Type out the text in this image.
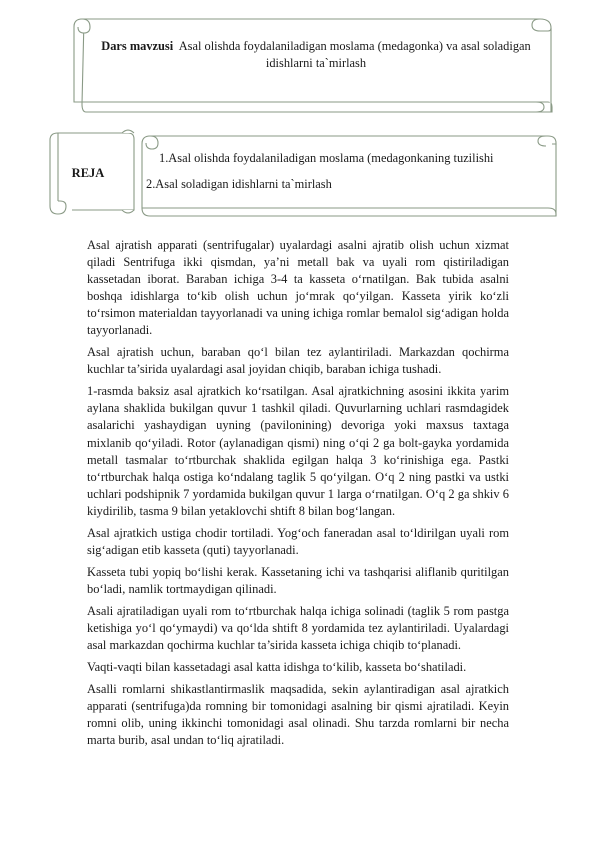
Dars mavzusi Asal olishda foydalaniladigan moslama (medagonka) va asal soladigan idishlarni ta`mirlash
REJA
1.Asal olishda foydalaniladigan moslama (medagonkaning tuzilishi
2.Asal soladigan idishlarni ta`mirlash

Asal ajratish apparati (sentrifugalar) uyalardagi asalni ajratib olish uchun xizmat qiladi Sentrifuga ikki qismdan, ya’ni metall bak va uyali rom qistiriladigan kassetadan iborat. Baraban ichiga 3-4 ta kasseta o‘rnatilgan. Bak tubida asalni boshqa idishlarga to‘kib olish uchun jo‘mrak qo‘yilgan. Kasseta yirik ko‘zli to‘rsimon materialdan tayyorlanadi va uning ichiga romlar bemalol sig‘adigan holda tayyorlanadi.

Asal ajratish uchun, baraban qo‘l bilan tez aylantiriladi. Markazdan qochirma kuchlar ta’sirida uyalardagi asal joyidan chiqib, baraban ichiga tushadi.

1-rasmda baksiz asal ajratkich ko‘rsatilgan. Asal ajratkichning asosini ikkita yarim aylana shaklida bukilgan quvur 1 tashkil qiladi. Quvurlarning uchlari rasmdagidek asalarichi yashaydigan uyning (pavilonining) devoriga yoki maxsus taxtaga mixlanib qo‘yiladi. Rotor (aylanadigan qismi) ning o‘qi 2 ga bolt-gayka yordamida metall tasmalar to‘rtburchak shaklida egilgan halqa 3 ko‘rinishiga ega. Pastki to‘rtburchak halqa ostiga ko‘ndalang taglik 5 qo‘yilgan. O‘q 2 ning pastki va ustki uchlari podshipnik 7 yordamida bukilgan quvur 1 larga o‘rnatilgan. O‘q 2 ga shkiv 6 kiydirilib, tasma 9 bilan yetaklovchi shtift 8 bilan bog‘langan.

Asal ajratkich ustiga chodir tortiladi. Yog‘och faneradan asal to‘ldirilgan uyali rom sig‘adigan etib kasseta (quti) tayyorlanadi.

Kasseta tubi yopiq bo‘lishi kerak. Kassetaning ichi va tashqarisi aliflanib quritilgan bo‘ladi, namlik tortmaydigan qilinadi.

Asali ajratiladigan uyali rom to‘rtburchak halqa ichiga solinadi (taglik 5 rom pastga ketishiga yo‘l qo‘ymaydi) va qo‘lda shtift 8 yordamida tez aylantiriladi. Uyalardagi asal markazdan qochirma kuchlar ta’sirida kasseta ichiga chiqib to‘planadi.

Vaqti-vaqti bilan kassetadagi asal katta idishga to‘kilib, kasseta bo‘shatiladi.

Asalli romlarni shikastlantirmaslik maqsadida, sekin aylantiradigan asal ajratkich apparati (sentrifuga)da romning bir tomonidagi asalning bir qismi ajratiladi. Keyin romni olib, uning ikkinchi tomonidagi asal olinadi. Shu tarzda romlarni bir necha marta burib, asal undan to‘liq ajratiladi.
